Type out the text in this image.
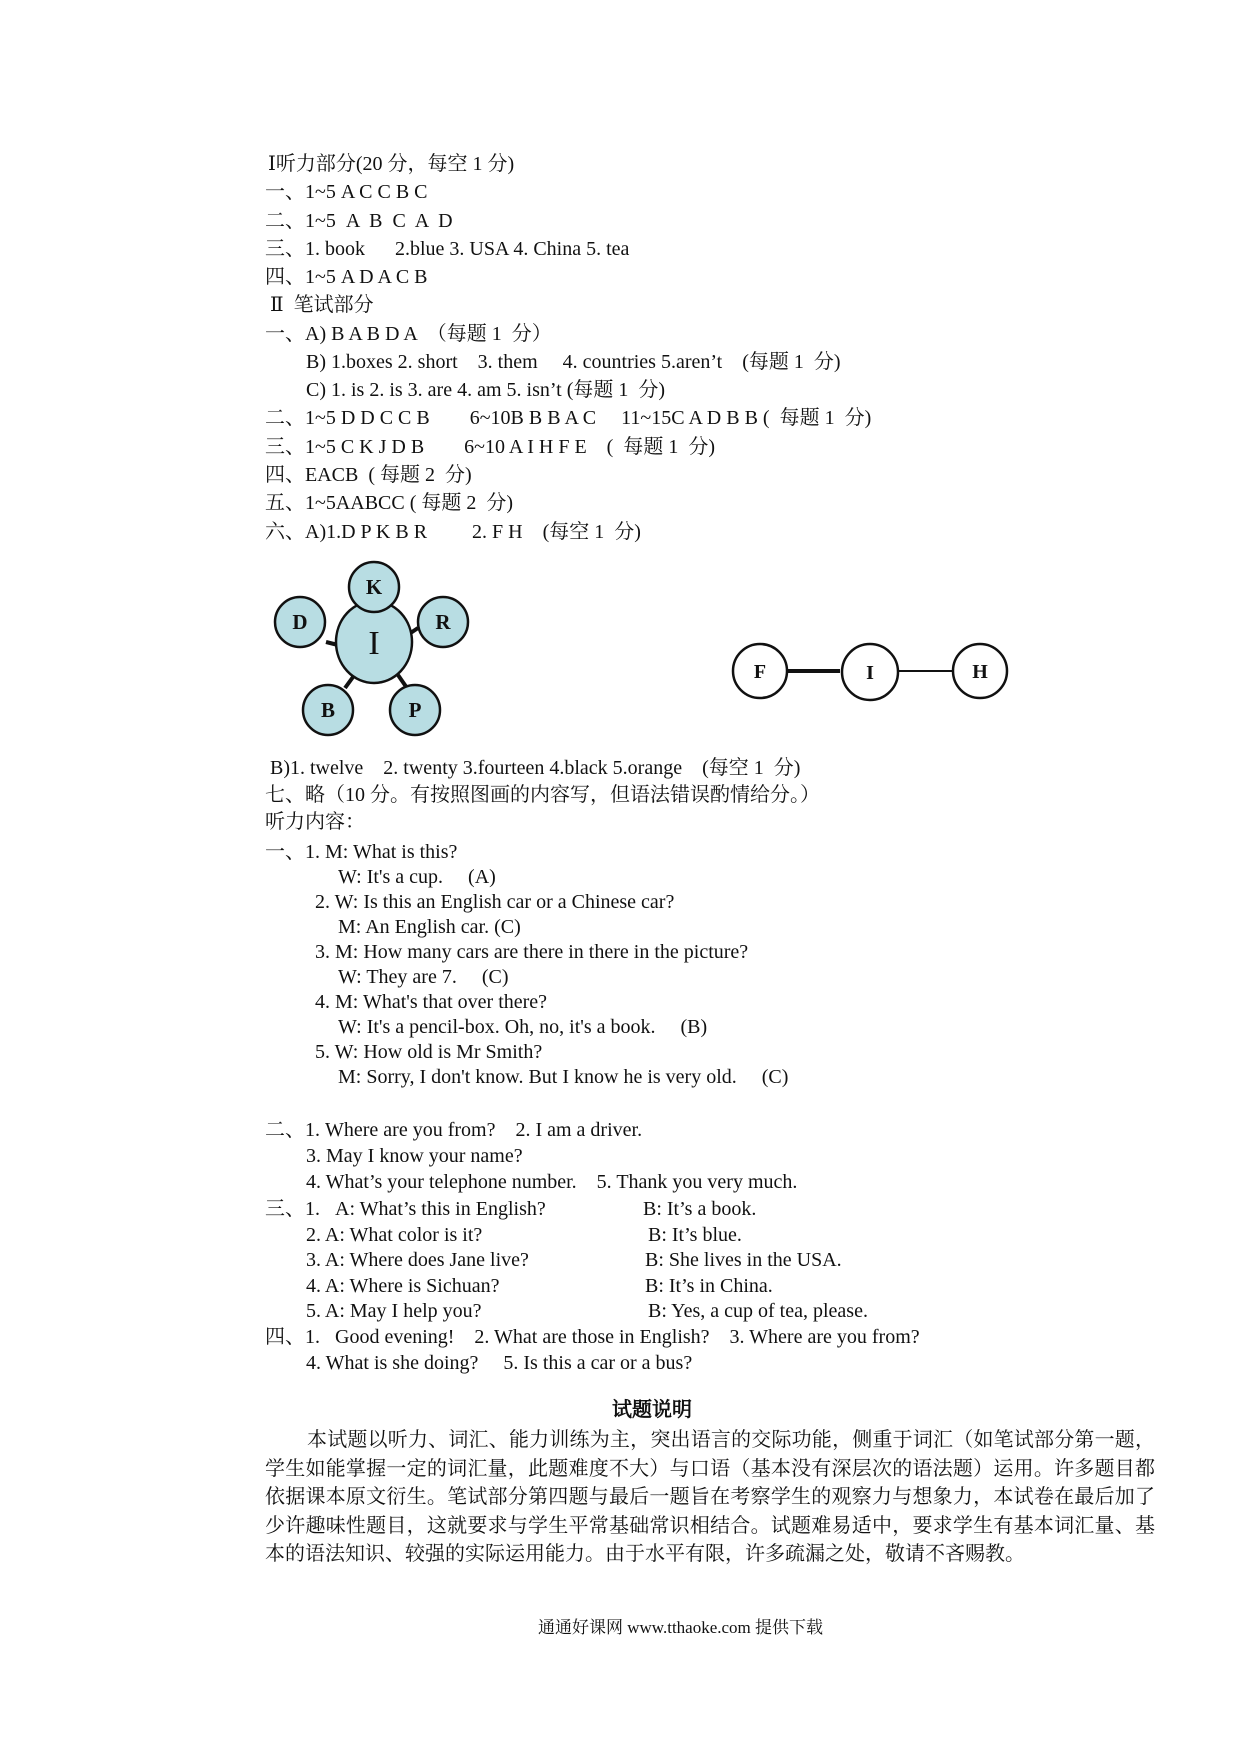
Ⅰ听力部分(20 分，每空 1 分)
一、1~5 A C C B C
二、1~5  A  B  C  A  D
三、1. book      2.blue 3. USA 4. China 5. tea
四、1~5 A D A C B
Ⅱ  笔试部分
一、A) B A B D A  （每题 1  分）
B) 1.boxes 2. short    3. them     4. countries 5.aren’t    (每题 1  分)
C) 1. is 2. is 3. are 4. am 5. isn’t (每题 1  分)
二、1~5 D D C C B        6~10B B B A C     11~15C A D B B (  每题 1  分)
三、1~5 C K J D B        6~10 A I H F E    (  每题 1  分)
四、EACB  ( 每题 2  分)
五、1~5AABCC ( 每题 2  分)
六、A)1.D P K B R         2. F H    (每空 1  分)
I
K
R
P
B
D
F	I	H
B)1. twelve    2. twenty 3.fourteen 4.black 5.orange    (每空 1  分)
七、略（10 分。有按照图画的内容写，但语法错误酌情给分。）
听力内容：
一、1. M: What is this?
W: It's a cup.     (A)
2. W: Is this an English car or a Chinese car?
M: An English car. (C)
3. M: How many cars are there in there in the picture?
W: They are 7.     (C)
4. M: What's that over there?
W: It's a pencil-box. Oh, no, it's a book.     (B)
5. W: How old is Mr Smith?
M: Sorry, I don't know. But I know he is very old.     (C)
二、1. Where are you from?    2. I am a driver.
3. May I know your name?
4. What’s your telephone number.    5. Thank you very much.
三、1.   A: What’s this in English?	B: It’s a book.
2. A: What color is it?	B: It’s blue.
3. A: Where does Jane live?	B: She lives in the USA.
4. A: Where is Sichuan?	B: It’s in China.
5. A: May I help you?	B: Yes, a cup of tea, please.
四、1.   Good evening!    2. What are those in English?    3. Where are you from?
4. What is she doing?     5. Is this a car or a bus?
试题说明
本试题以听力、词汇、能力训练为主，突出语言的交际功能，侧重于词汇（如笔试部分第一题，学生如能掌握一定的词汇量，此题难度不大）与口语（基本没有深层次的语法题）运用。许多题目都依据课本原文衍生。笔试部分第四题与最后一题旨在考察学生的观察力与想象力，本试卷在最后加了少许趣味性题目，这就要求与学生平常基础常识相结合。试题难易适中，要求学生有基本词汇量、基本的语法知识、较强的实际运用能力。由于水平有限，许多疏漏之处，敬请不吝赐教。
通通好课网 www.tthaoke.com 提供下载
